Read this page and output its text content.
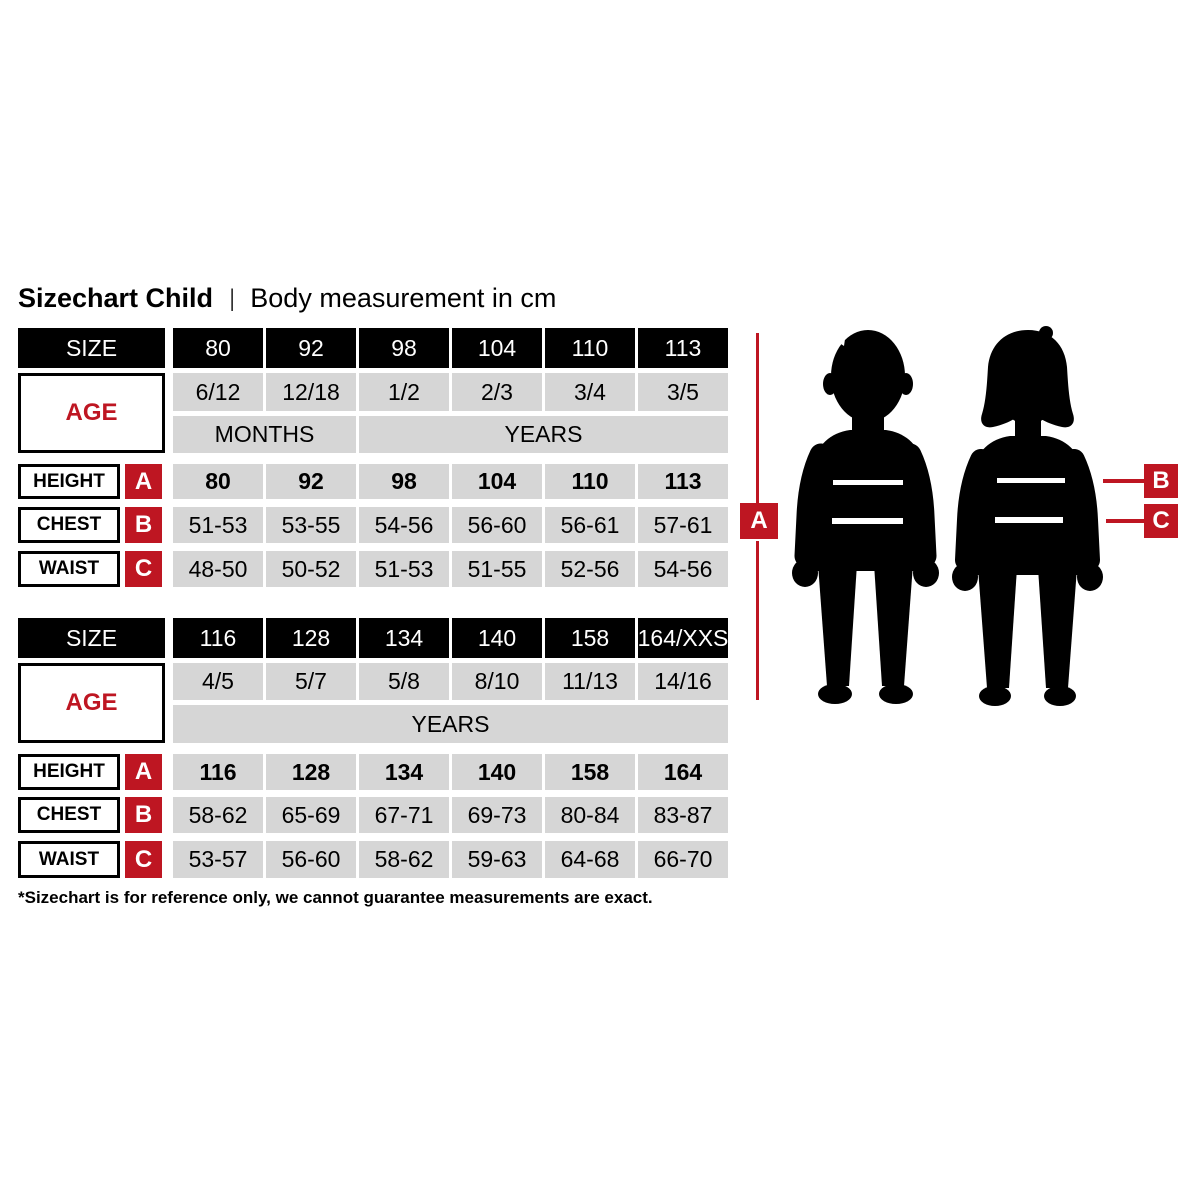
Sizechart Child | Body measurement in cm
SIZE	80	92	98	104	110	113
AGE
6/12	12/18	1/2	2/3	3/4	3/5
MONTHS	YEARS
HEIGHT	A	80	92	98	104	110	113
CHEST	B	51-53	53-55	54-56	56-60	56-61	57-61
WAIST	C	48-50	50-52	51-53	51-55	52-56	54-56
SIZE	116	128	134	140	158	164/XXS
AGE
4/5	5/7	5/8	8/10	11/13	14/16
YEARS
HEIGHT	A	116	128	134	140	158	164
CHEST	B	58-62	65-69	67-71	69-73	80-84	83-87
WAIST	C	53-57	56-60	58-62	59-63	64-68	66-70
A
B
C
*Sizechart is for reference only, we cannot guarantee measurements are exact.
